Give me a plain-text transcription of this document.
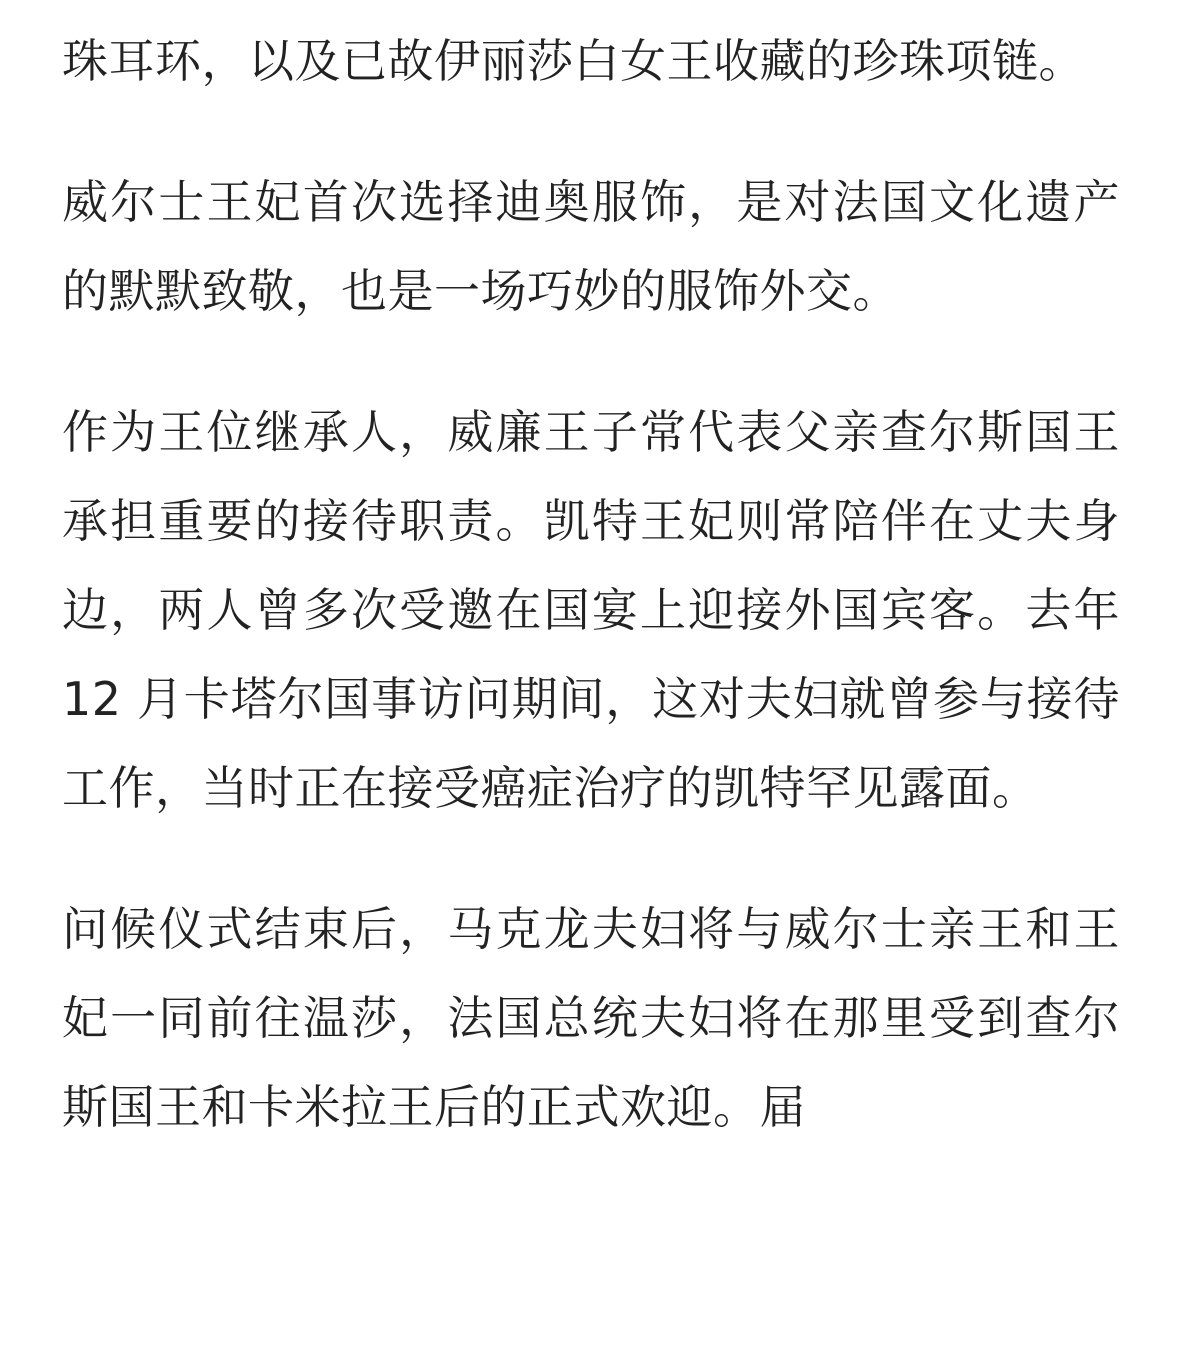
珠耳环，以及已故伊丽莎白女王收藏的珍珠项链。

威尔士王妃首次选择迪奥服饰，是对法国文化遗产的默默致敬，也是一场巧妙的服饰外交。

作为王位继承人，威廉王子常代表父亲查尔斯国王承担重要的接待职责。凯特王妃则常陪伴在丈夫身边，两人曾多次受邀在国宴上迎接外国宾客。去年 12 月卡塔尔国事访问期间，这对夫妇就曾参与接待工作，当时正在接受癌症治疗的凯特罕见露面。

问候仪式结束后，马克龙夫妇将与威尔士亲王和王妃一同前往温莎，法国总统夫妇将在那里受到查尔斯国王和卡米拉王后的正式欢迎。届
